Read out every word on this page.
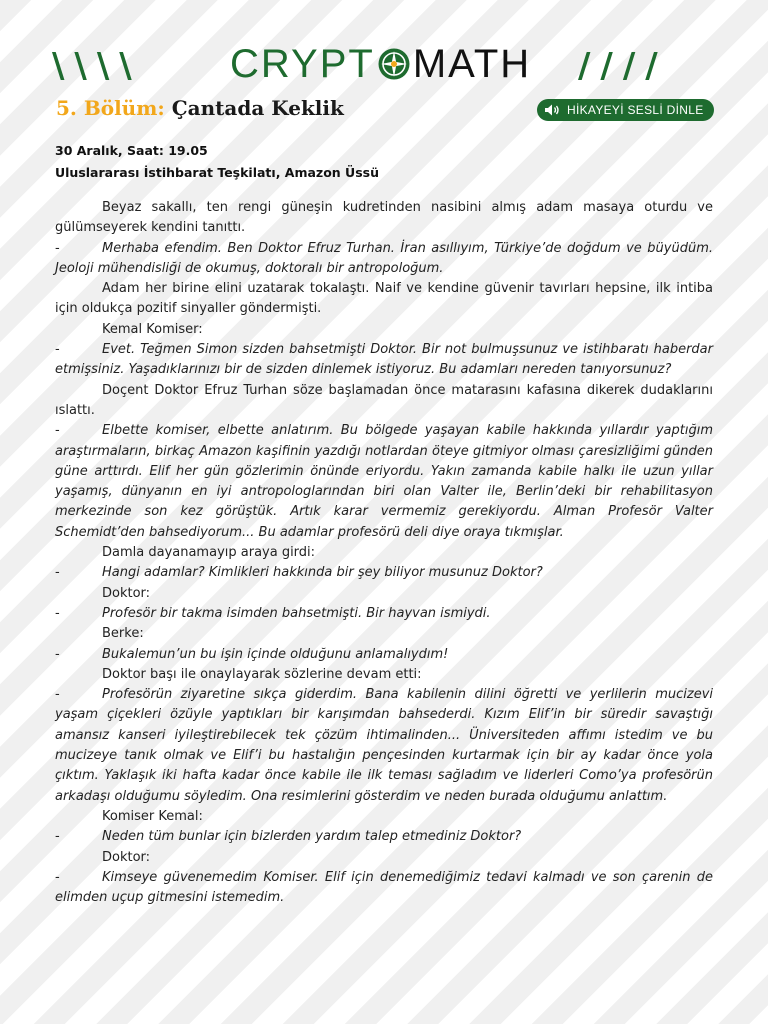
\\\\ CRYPT MATH ////
5. Bölüm: Çantada Keklik	HİKAYEYİ SESLİ DİNLE
30 Aralık, Saat: 19.05
Uluslararası İstihbarat Teşkilatı, Amazon Üssü

Beyaz sakallı, ten rengi güneşin kudretinden nasibini almış adam masaya oturdu ve gülümseyerek kendini tanıttı.

-	Merhaba efendim. Ben Doktor Efruz Turhan. İran asıllıyım, Türkiye’de doğdum ve büyüdüm. Jeoloji mühendisliği de okumuş, doktoralı bir antropoloğum.

Adam her birine elini uzatarak tokalaştı. Naif ve kendine güvenir tavırları hepsine, ilk intiba için oldukça pozitif sinyaller göndermişti.

Kemal Komiser:

-	Evet. Teğmen Simon sizden bahsetmişti Doktor. Bir not bulmuşsunuz ve istihbaratı haberdar etmişsiniz. Yaşadıklarınızı bir de sizden dinlemek istiyoruz. Bu adamları nereden tanıyorsunuz?

Doçent Doktor Efruz Turhan söze başlamadan önce matarasını kafasına dikerek dudaklarını ıslattı.

-	Elbette komiser, elbette anlatırım. Bu bölgede yaşayan kabile hakkında yıllardır yaptığım araştırmaların, birkaç Amazon kaşifinin yazdığı notlardan öteye gitmiyor olması çaresizliğimi günden güne arttırdı. Elif her gün gözlerimin önünde eriyordu. Yakın zamanda kabile halkı ile uzun yıllar yaşamış, dünyanın en iyi antropologlarından biri olan Valter ile, Berlin’deki bir rehabilitasyon merkezinde son kez görüştük. Artık karar vermemiz gerekiyordu. Alman Profesör Valter Schemidt’den bahsediyorum... Bu adamlar profesörü deli diye oraya tıkmışlar.

Damla dayanamayıp araya girdi:

-	Hangi adamlar? Kimlikleri hakkında bir şey biliyor musunuz Doktor?

Doktor:

-	Profesör bir takma isimden bahsetmişti. Bir hayvan ismiydi.

Berke:

-	Bukalemun’un bu işin içinde olduğunu anlamalıydım!

Doktor başı ile onaylayarak sözlerine devam etti:

-	Profesörün ziyaretine sıkça giderdim. Bana kabilenin dilini öğretti ve yerlilerin mucizevi yaşam çiçekleri özüyle yaptıkları bir karışımdan bahsederdi. Kızım Elif’in bir süredir savaştığı amansız kanseri iyileştirebilecek tek çözüm ihtimalinden... Üniversiteden affımı istedim ve bu mucizeye tanık olmak ve Elif’i bu hastalığın pençesinden kurtarmak için bir ay kadar önce yola çıktım. Yaklaşık iki hafta kadar önce kabile ile ilk teması sağladım ve liderleri Como’ya profesörün arkadaşı olduğumu söyledim. Ona resimlerini gösterdim ve neden burada olduğumu anlattım.

Komiser Kemal:

-	Neden tüm bunlar için bizlerden yardım talep etmediniz Doktor?

Doktor:

-	Kimseye güvenemedim Komiser. Elif için denemediğimiz tedavi kalmadı ve son çarenin de elimden uçup gitmesini istemedim.
